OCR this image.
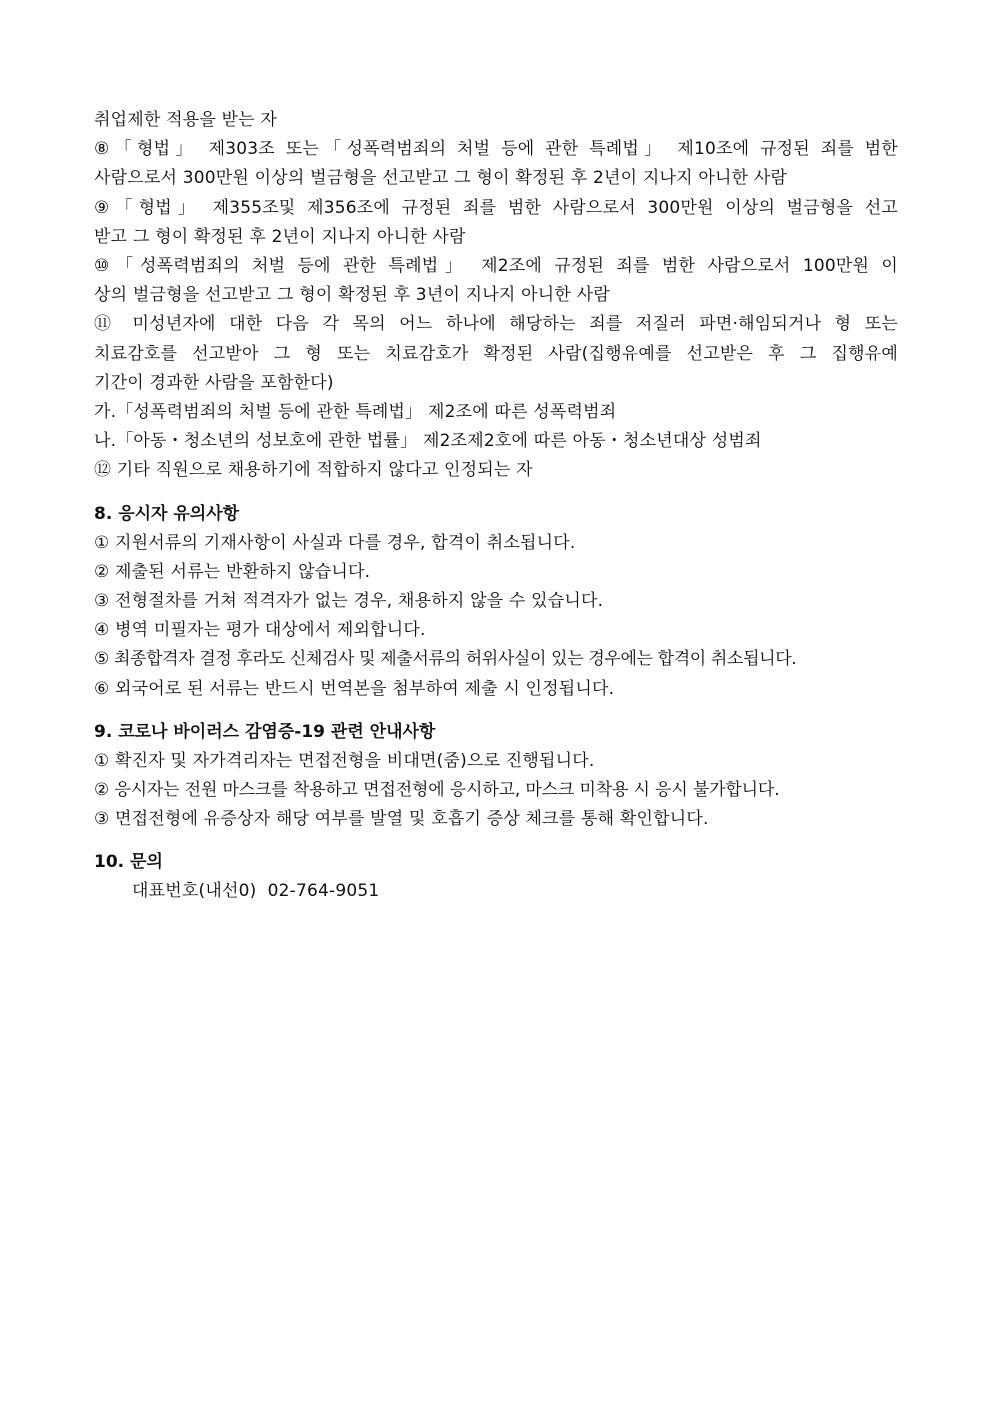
취업제한 적용을 받는 자
⑧「형법」 제303조 또는「성폭력범죄의 처벌 등에 관한 특례법」 제10조에 규정된 죄를 범한
사람으로서 300만원 이상의 벌금형을 선고받고 그 형이 확정된 후 2년이 지나지 아니한 사람
⑨「형법」 제355조및 제356조에 규정된 죄를 범한 사람으로서 300만원 이상의 벌금형을 선고
받고 그 형이 확정된 후 2년이 지나지 아니한 사람
⑩「성폭력범죄의 처벌 등에 관한 특례법」 제2조에 규정된 죄를 범한 사람으로서 100만원 이
상의 벌금형을 선고받고 그 형이 확정된 후 3년이 지나지 아니한 사람
⑪ 미성년자에 대한 다음 각 목의 어느 하나에 해당하는 죄를 저질러 파면·해임되거나 형 또는
치료감호를 선고받아 그 형 또는 치료감호가 확정된 사람(집행유예를 선고받은 후 그 집행유예
기간이 경과한 사람을 포함한다)
가.「성폭력범죄의 처벌 등에 관한 특례법」 제2조에 따른 성폭력범죄
나.「아동・청소년의 성보호에 관한 법률」 제2조제2호에 따른 아동・청소년대상 성범죄
⑫ 기타 직원으로 채용하기에 적합하지 않다고 인정되는 자
8. 응시자 유의사항
① 지원서류의 기재사항이 사실과 다를 경우, 합격이 취소됩니다.
② 제출된 서류는 반환하지 않습니다.
③ 전형절차를 거쳐 적격자가 없는 경우, 채용하지 않을 수 있습니다.
④ 병역 미필자는 평가 대상에서 제외합니다.
⑤ 최종합격자 결정 후라도 신체검사 및 제출서류의 허위사실이 있는 경우에는 합격이 취소됩니다.
⑥ 외국어로 된 서류는 반드시 번역본을 첨부하여 제출 시 인정됩니다.
9. 코로나 바이러스 감염증-19 관련 안내사항
① 확진자 및 자가격리자는 면접전형을 비대면(줌)으로 진행됩니다.
② 응시자는 전원 마스크를 착용하고 면접전형에 응시하고, 마스크 미착용 시 응시 불가합니다.
③ 면접전형에 유증상자 해당 여부를 발열 및 호흡기 증상 체크를 통해 확인합니다.
10. 문의
대표번호(내선0)  02-764-9051
